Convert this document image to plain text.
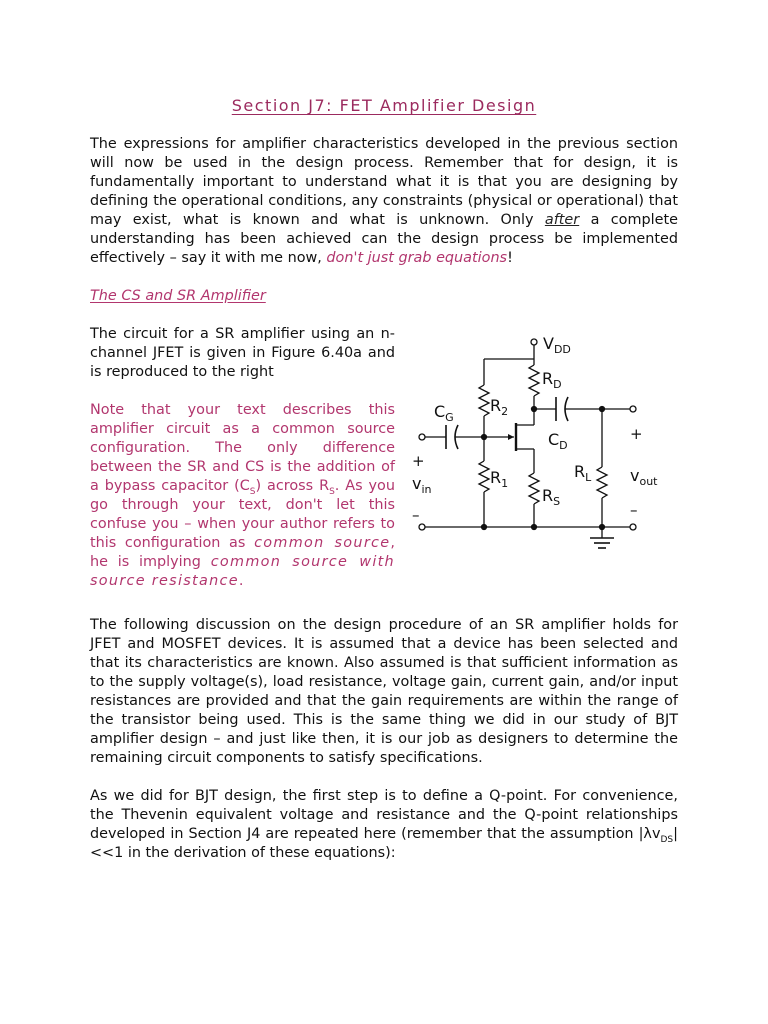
Section J7: FET Amplifier Design

The expressions for amplifier characteristics developed in the previous section will now be used in the design process. Remember that for design, it is fundamentally important to understand what it is that you are designing by defining the operational conditions, any constraints (physical or operational) that may exist, what is known and what is unknown. Only after a complete understanding has been achieved can the design process be implemented effectively – say it with me now, don't just grab equations!

The CS and SR Amplifier

The circuit for a SR amplifier using an n-channel JFET is given in Figure 6.40a and is reproduced to the right

Note that your text describes this amplifier circuit as a common source configuration. The only difference between the SR and CS is the addition of a bypass capacitor $(C_S)$ across $R_S$. As you go through your text, don't let this confuse you – when your author refers to this configuration as common source, he is implying common source with source resistance.

$V_{DD}$
$R_D$
$C_G$
$R_2$
$C_D$
$R_1$
$R_S$
$R_L$
+
$v_{in}$
–
+
$v_{out}$
–

The following discussion on the design procedure of an SR amplifier holds for JFET and MOSFET devices. It is assumed that a device has been selected and that its characteristics are known. Also assumed is that sufficient information as to the supply voltage(s), load resistance, voltage gain, current gain, and/or input resistances are provided and that the gain requirements are within the range of the transistor being used. This is the same thing we did in our study of BJT amplifier design – and just like then, it is our job as designers to determine the remaining circuit components to satisfy specifications.

As we did for BJT design, the first step is to define a Q-point. For convenience, the Thevenin equivalent voltage and resistance and the Q-point relationships developed in Section J4 are repeated here (remember that the assumption $|\lambda v_{DS}|<<1$ in the derivation of these equations):
